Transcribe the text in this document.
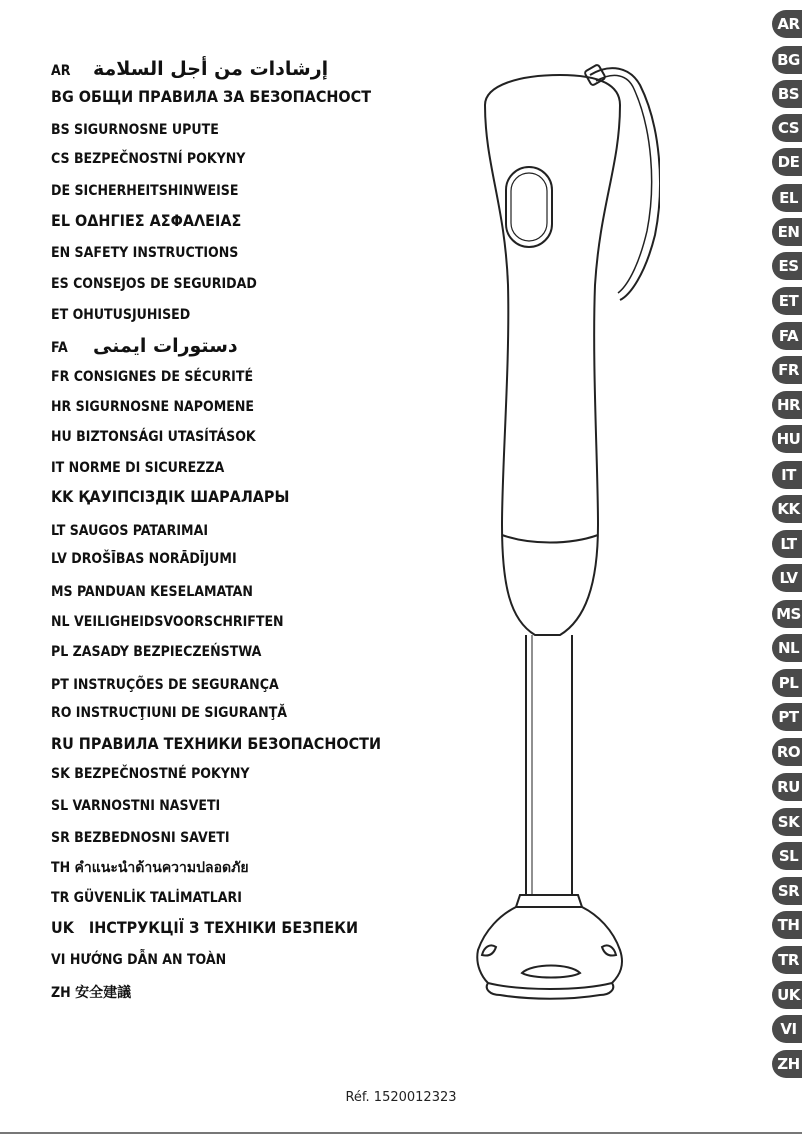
AR إرشادات من أجل السلامة
BG ОБЩИ ПРАВИЛА ЗА БЕЗОПАСНОСТ
BS SIGURNOSNE UPUTE
CS BEZPEČNOSTNÍ POKYNY
DE SICHERHEITSHINWEISE
EL ΟΔΗΓΙΕΣ ΑΣΦΑΛΕΙΑΣ
EN SAFETY INSTRUCTIONS
ES CONSEJOS DE SEGURIDAD
ET OHUTUSJUHISED
FA دستورات ایمنی
FR CONSIGNES DE SÉCURITÉ
HR SIGURNOSNE NAPOMENE
HU BIZTONSÁGI UTASÍTÁSOK
IT NORME DI SICUREZZA
KK ҚАУІПСІЗДІК ШАРАЛАРЫ
LT SAUGOS PATARIMAI
LV DROŠĪBAS NORĀDĪJUMI
MS PANDUAN KESELAMATAN
NL VEILIGHEIDSVOORSCHRIFTEN
PL ZASADY BEZPIECZEŃSTWA
PT INSTRUÇÕES DE SEGURANÇA
RO INSTRUCŢIUNI DE SIGURANŢĂ
RU ПРАВИЛА ТЕХНИКИ БЕЗОПАСНОСТИ
SK BEZPEČNOSTNÉ POKYNY
SL VARNOSTNI NASVETI
SR BEZBEDNOSNI SAVETI
TH คำแนะนำด้านความปลอดภัย
TR GÜVENLİK TALİMATLARI
UK   ІНСТРУКЦІЇ З ТЕХНІКИ БЕЗПЕКИ
VI HƯỚNG DẪN AN TOÀN
ZH 安全建議
AR
BG
BS
CS
DE
EL
EN
ES
ET
FA
FR
HR
HU
IT
KK
LT
LV
MS
NL
PL
PT
RO
RU
SK
SL
SR
TH
TR
UK
VI
ZH
Réf. 1520012323
